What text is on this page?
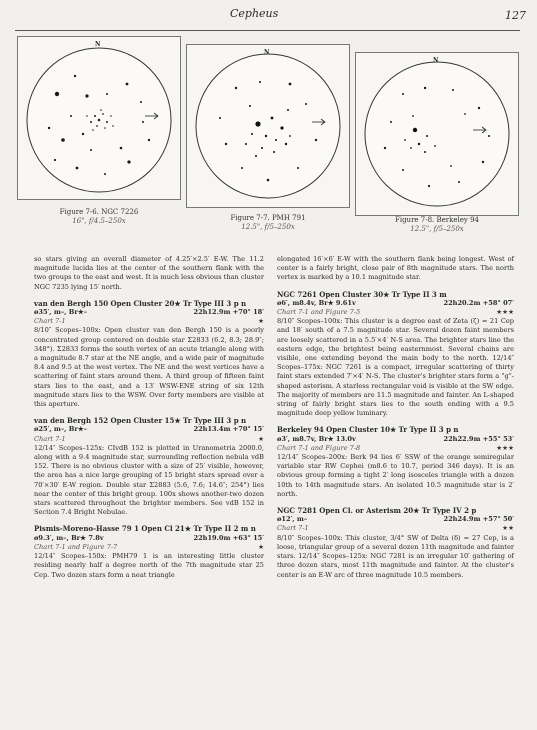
Cepheus	127
N
Figure 7-6. NGC 7226
16", f/4.5–250x
N
Figure 7-7. PMH 791
12.5", f/5–250x
N
Figure 7-8. Berkeley 94
12.5", f/5–250x

so stars giving an overall diameter of 4.25′×2.5′ E-W. The 11.2 magnitude lucida lies at the center of the southern flank with the two groups to the east and west. It is much less obvious than cluster NGC 7235 lying 15′ north.

van den Bergh 150 Open Cluster 20★ Tr Type III 3 p n
ø35′, m–, Br★–	22h12.9m +70° 18′
Chart 7-1	★

8/10″ Scopes–100x: Open cluster van den Bergh 150 is a poorly concentrated group centered on double star Σ2833 (6.2, 8.3; 28.9″; 348°). Σ2833 forms the south vertex of an acute triangle along with a magnitude 8.7 star at the NE angle, and a wide pair of magnitude 8.4 and 9.5 at the west vertex. The NE and the west vertices have a scattering of faint stars around them. A third group of fifteen faint stars lies to the east, and a 13′ WSW-ENE string of six 12th magnitude stars lies to the WSW. Over forty members are visible at this aperture.

van den Bergh 152 Open Cluster 15★ Tr Type III 3 p n
ø25′, m–, Br★–	22h13.4m +70° 15′
Chart 7-1	★

12/14″ Scopes–125x: CIvdB 152 is plotted in Uranometria 2000.0, along with a 9.4 magnitude star, surrounding reflection nebula vdB 152. There is no obvious cluster with a size of 25′ visible, however, the area has a nice large grouping of 15 bright stars spread over a 70′×30′ E-W region. Double star Σ2883 (5.6, 7.6; 14.6″; 254°) lies near the center of this bright group. 100x shows another-two dozen stars scattered throughout the brighter members. See vdB 152 in Section 7.4 Bright Nebulae.

Pismis-Moreno-Hasse 79 1 Open Cl 21★ Tr Type II 2 m n
ø9.3′, m–, Br★ 7.8v	22h19.0m +63° 15′
Chart 7-1 and Figure 7-7	★

12/14″ Scopes–150x: PMH79 1 is an interesting little cluster residing nearly half a degree north of the 7th magnitude star 25 Cep. Two dozen stars form a neat triangle

elongated 16′×6′ E-W with the southern flank being longest. West of center is a fairly bright, close pair of 8th magnitude stars. The north vertex is marked by a 10.1 magnitude star.

NGC 7261 Open Cluster 30★ Tr Type II 3 m
ø6′, m8.4v, Br★ 9.61v	22h20.2m +58° 07′
Chart 7-1 and Figure 7-5	★★★

8/10″ Scopes–100x: This cluster is a degree east of Zeta (ζ) = 21 Cep and 18′ south of a 7.5 magnitude star. Several dozen faint members are loosely scattered in a 5.5′×4′ N-S area. The brighter stars line the eastern edge, the brightest being easternmost. Several chains are visible, one extending beyond the main body to the north. 12/14″ Scopes–175x: NGC 7261 is a compact, irregular scattering of thirty faint stars extended 7′×4′ N-S. The cluster's brighter stars form a "g"-shaped asterism. A starless rectangular void is visible at the SW edge. The majority of members are 11.5 magnitude and fainter. An L-shaped string of fairly bright stars lies to the south ending with a 9.5 magnitude deep yellow luminary.

Berkeley 94 Open Cluster 10★ Tr Type II 3 p n
ø3′, m8.7v, Br★ 13.0v	22h22.9m +55° 53′
Chart 7-1 and Figure 7-8	★★★

12/14″ Scopes–200x: Berk 94 lies 6′ SSW of the orange semiregular variable star RW Cephei (m8.6 to 10.7, period 346 days). It is an obvious group forming a tight 2′ long isosceles triangle with a dozen 10th to 14th magnitude stars. An isolated 10.5 magnitude star is 2′ north.

NGC 7281 Open Cl. or Asterism 20★ Tr Type IV 2 p
ø12′, m–	22h24.9m +57° 50′
Chart 7-1	★★

8/10″ Scopes–100x: This cluster, 3/4° SW of Delta (δ) = 27 Cep, is a loose, triangular group of a several dozen 11th magnitude and fainter stars. 12/14″ Scopes–125x: NGC 7281 is an irregular 10′ gathering of three dozen stars, most 11th magnitude and fainter. At the cluster's center is an E-W arc of three magnitude 10.5 members.
